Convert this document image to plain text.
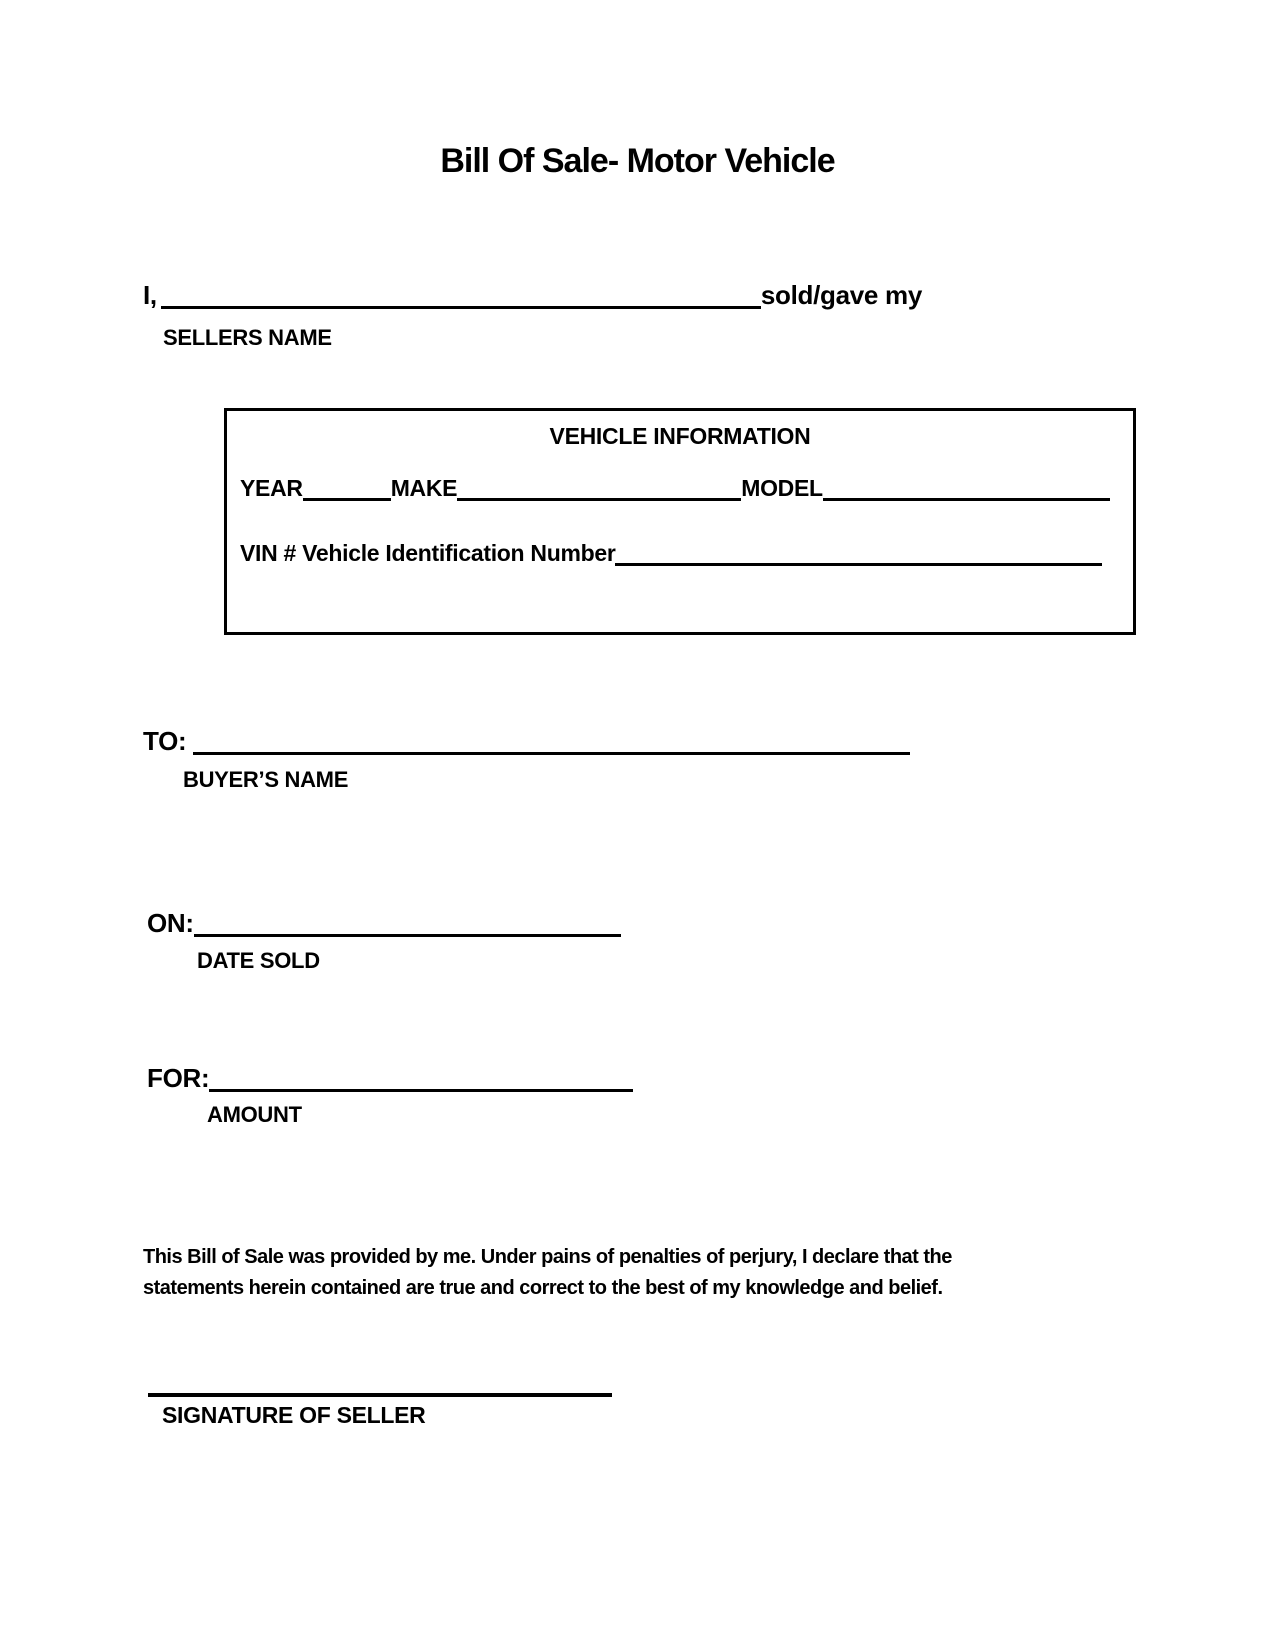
Bill Of Sale- Motor Vehicle
I,	sold/gave my
SELLERS NAME
VEHICLE INFORMATION
YEAR	MAKE	MODEL
VIN # Vehicle Identification Number
TO:
BUYER’S NAME
ON:
DATE SOLD
FOR:
AMOUNT
This Bill of Sale was provided by me. Under pains of penalties of perjury, I declare that the
statements herein contained are true and correct to the best of my knowledge and belief.
SIGNATURE OF SELLER
